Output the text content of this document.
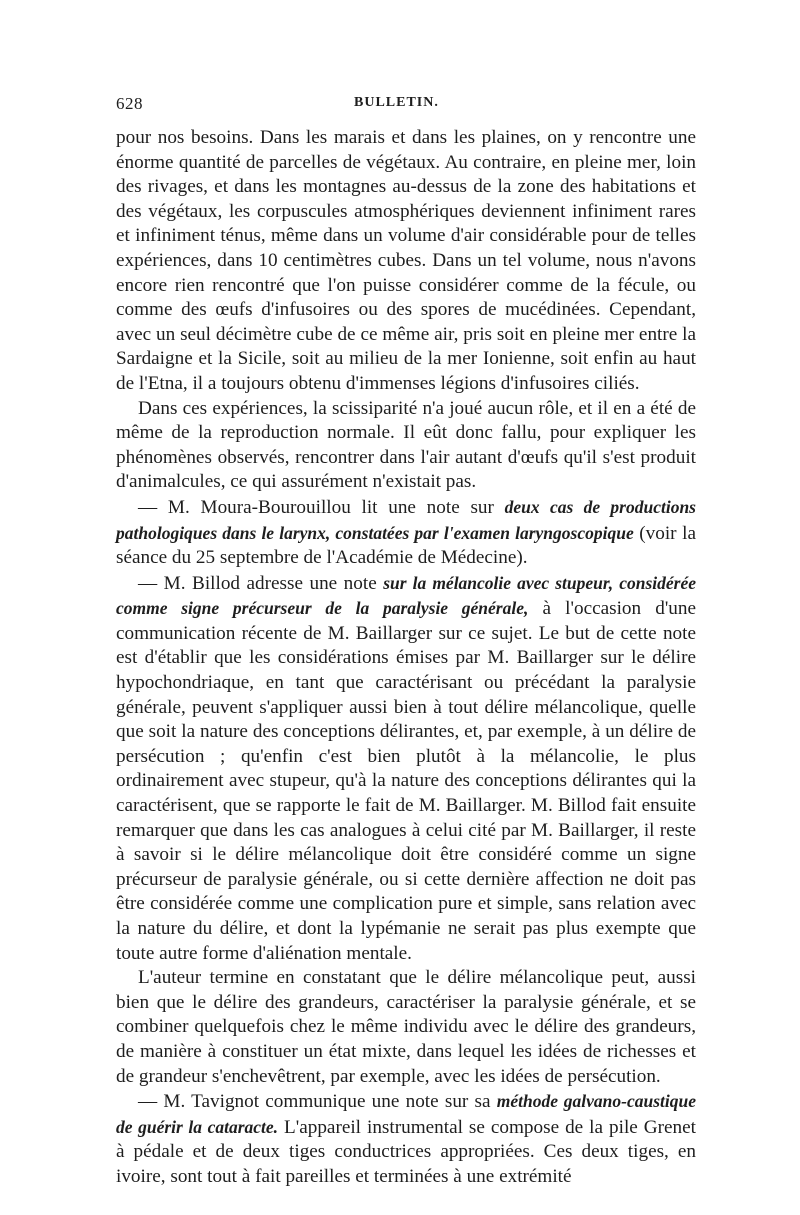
628	BULLETIN.

pour nos besoins. Dans les marais et dans les plaines, on y rencontre une énorme quantité de parcelles de végétaux. Au contraire, en pleine mer, loin des rivages, et dans les montagnes au-dessus de la zone des habitations et des végétaux, les corpuscules atmosphériques deviennent infiniment rares et infiniment ténus, même dans un volume d'air considérable pour de telles expériences, dans 10 centimètres cubes. Dans un tel volume, nous n'avons encore rien rencontré que l'on puisse considérer comme de la fécule, ou comme des œufs d'infusoires ou des spores de mucédinées. Cependant, avec un seul décimètre cube de ce même air, pris soit en pleine mer entre la Sardaigne et la Sicile, soit au milieu de la mer Ionienne, soit enfin au haut de l'Etna, il a toujours obtenu d'immenses légions d'infusoires ciliés.

Dans ces expériences, la scissiparité n'a joué aucun rôle, et il en a été de même de la reproduction normale. Il eût donc fallu, pour expliquer les phénomènes observés, rencontrer dans l'air autant d'œufs qu'il s'est produit d'animalcules, ce qui assurément n'existait pas.

— M. Moura-Bourouillou lit une note sur deux cas de productions pathologiques dans le larynx, constatées par l'examen laryngoscopique (voir la séance du 25 septembre de l'Académie de Médecine).

— M. Billod adresse une note sur la mélancolie avec stupeur, considérée comme signe précurseur de la paralysie générale, à l'occasion d'une communication récente de M. Baillarger sur ce sujet. Le but de cette note est d'établir que les considérations émises par M. Baillarger sur le délire hypochondriaque, en tant que caractérisant ou précédant la paralysie générale, peuvent s'appliquer aussi bien à tout délire mélancolique, quelle que soit la nature des conceptions délirantes, et, par exemple, à un délire de persécution ; qu'enfin c'est bien plutôt à la mélancolie, le plus ordinairement avec stupeur, qu'à la nature des conceptions délirantes qui la caractérisent, que se rapporte le fait de M. Baillarger. M. Billod fait ensuite remarquer que dans les cas analogues à celui cité par M. Baillarger, il reste à savoir si le délire mélancolique doit être considéré comme un signe précurseur de paralysie générale, ou si cette dernière affection ne doit pas être considérée comme une complication pure et simple, sans relation avec la nature du délire, et dont la lypémanie ne serait pas plus exempte que toute autre forme d'aliénation mentale.

L'auteur termine en constatant que le délire mélancolique peut, aussi bien que le délire des grandeurs, caractériser la paralysie générale, et se combiner quelquefois chez le même individu avec le délire des grandeurs, de manière à constituer un état mixte, dans lequel les idées de richesses et de grandeur s'enchevêtrent, par exemple, avec les idées de persécution.

— M. Tavignot communique une note sur sa méthode galvano-caustique de guérir la cataracte. L'appareil instrumental se compose de la pile Grenet à pédale et de deux tiges conductrices appropriées. Ces deux tiges, en ivoire, sont tout à fait pareilles et terminées à une extrémité
